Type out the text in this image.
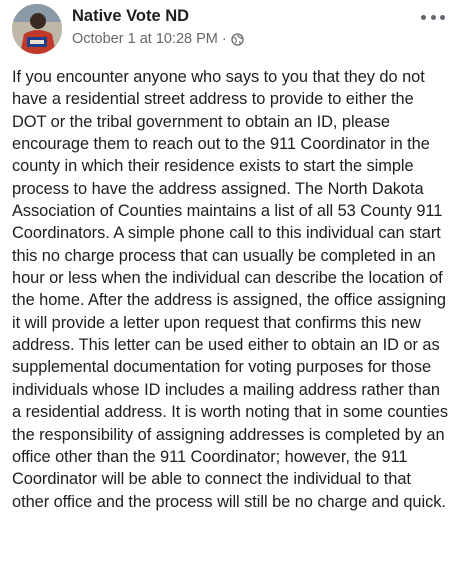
Native Vote ND
October 1 at 10:28 PM ·

If you encounter anyone who says to you that they do not have a residential street address to provide to either the DOT or the tribal government to obtain an ID, please encourage them to reach out to the 911 Coordinator in the county in which their residence exists to start the simple process to have the address assigned. The North Dakota Association of Counties maintains a list of all 53 County 911 Coordinators. A simple phone call to this individual can start this no charge process that can usually be completed in an hour or less when the individual can describe the location of the home. After the address is assigned, the office assigning it will provide a letter upon request that confirms this new address. This letter can be used either to obtain an ID or as supplemental documentation for voting purposes for those individuals whose ID includes a mailing address rather than a residential address. It is worth noting that in some counties the responsibility of assigning addresses is completed by an office other than the 911 Coordinator; however, the 911 Coordinator will be able to connect the individual to that other office and the process will still be no charge and quick.
